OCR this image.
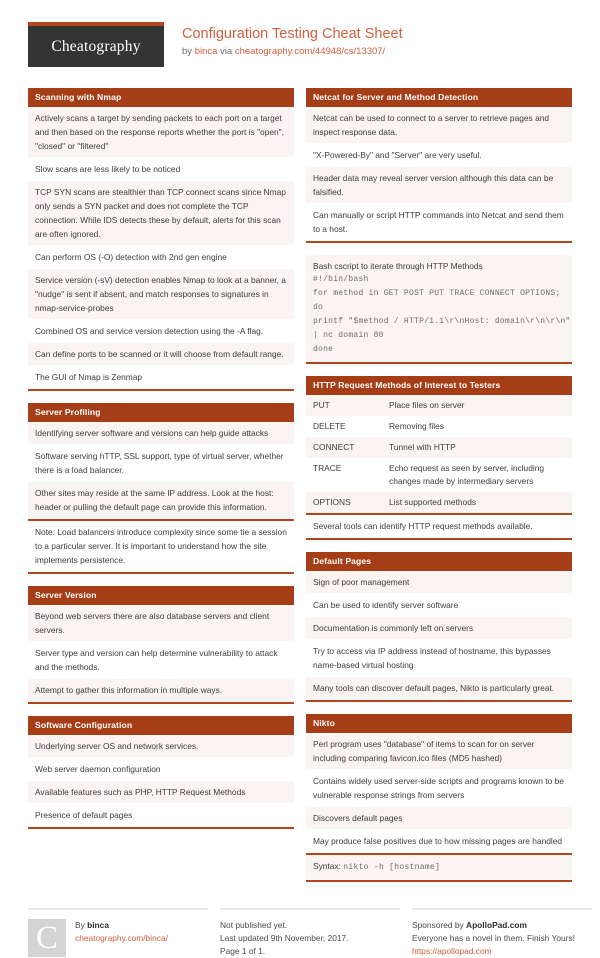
Cheatography
Configuration Testing Cheat Sheet
by binca via cheatography.com/44948/cs/13307/
Scanning with Nmap
Actively scans a target by sending packets to each port on a target and then based on the response reports whether the port is "open", "closed" or "filtered"
Slow scans are less likely to be noticed
TCP SYN scans are stealthier than TCP connect scans since Nmap only sends a SYN packet and does not complete the TCP connection. While IDS detects these by default, alerts for this scan are often ignored.
Can perform OS (-O) detection with 2nd gen engine
Service version (-sV) detection enables Nmap to look at a banner, a "nudge" is sent if absent, and match responses to signatures in nmap-service-probes
Combined OS and service version detection using the -A flag.
Can define ports to be scanned or it will choose from default range.
The GUI of Nmap is Zenmap
Server Profiling
Identifying server software and versions can help guide attacks
Software serving hTTP, SSL support, type of virtual server, whether there is a load balancer.
Other sites may reside at the same IP address. Look at the host: header or pulling the default page can provide this information.
Note: Load balancers introduce complexity since some tie a session to a particular server. It is important to understand how the site implements persistence.
Server Version
Beyond web servers there are also database servers and client servers.
Server type and version can help determine vulnerability to attack and the methods.
Attempt to gather this information in multiple ways.
Software Configuration
Underlying server OS and network services.
Web server daemon configuration
Available features such as PHP, HTTP Request Methods
Presence of default pages
Netcat for Server and Method Detection
Netcat can be used to connect to a server to retrieve pages and inspect response data.
"X-Powered-By" and "Server" are very useful.
Header data may reveal server version although this data can be falsified.
Can manually or script HTTP commands into Netcat and send them to a host.
Bash cscript to iterate through HTTP Methods
#!/bin/bash
for method in GET POST PUT TRACE CONNECT OPTIONS;
do
printf "$method / HTTP/1.1\r\nHost: domain\r\n\r\n"
| nc domain 80
done
HTTP Request Methods of Interest to Testers
PUT	Place files on server
DELETE	Removing files
CONNECT	Tunnel with HTTP
TRACE	Echo request as seen by server, including changes made by intermediary servers
OPTIONS	List supported methods
Several tools can identify HTTP request methods available.
Default Pages
Sign of poor management
Can be used to identify server software
Documentation is commonly left on servers
Try to access via IP address instead of hostname, this bypasses name-based virtual hosting
Many tools can discover default pages, Nikto is particularly great.
Nikto
Perl program uses "database" of items to scan for on server including comparing favicon.ico files (MD5 hashed)
Contains widely used server-side scripts and programs known to be vulnerable response strings from servers
Discovers default pages
May produce false positives due to how missing pages are handled
Syntax: nikto -h [hostname]
C	By binca
cheatography.com/binca/
Not published yet.
Last updated 9th November, 2017.
Page 1 of 1.
Sponsored by ApolloPad.com
Everyone has a novel in them. Finish Yours!
https://apollopad.com
